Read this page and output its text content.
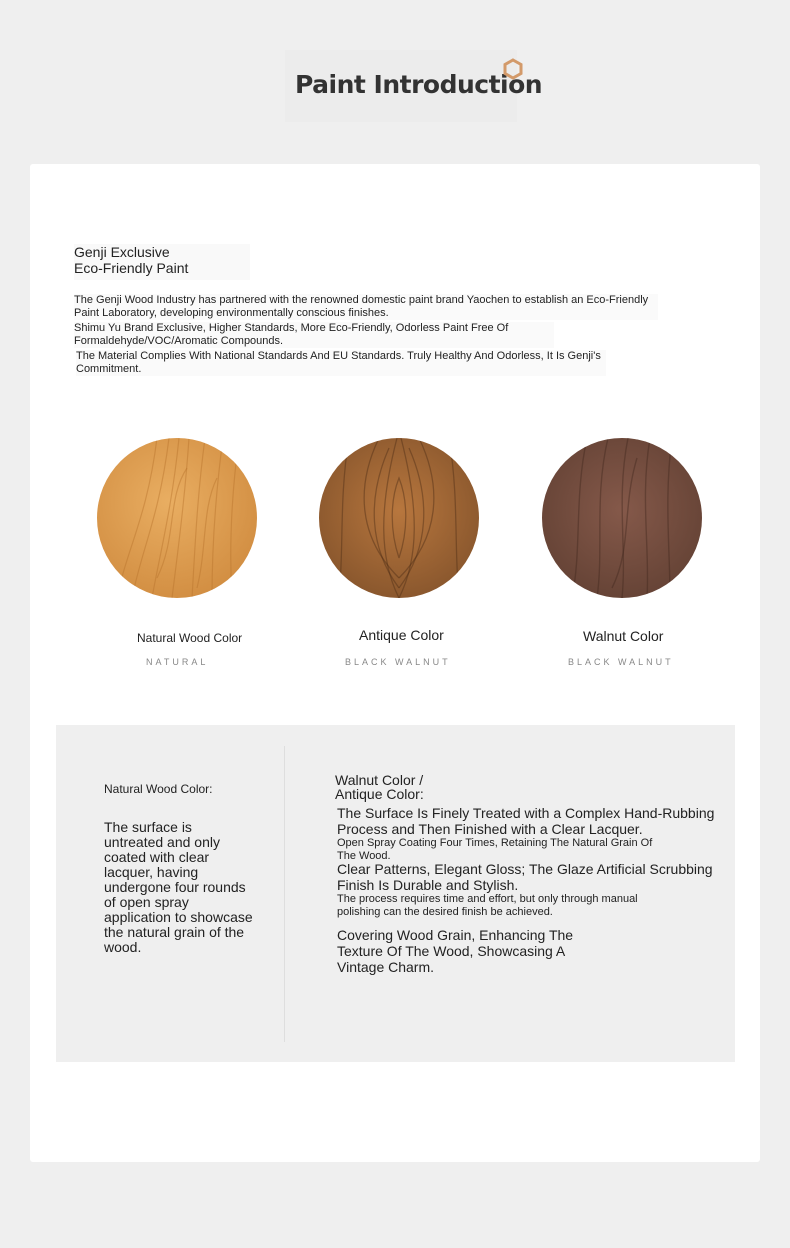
Paint Introduction
Genji Exclusive
Eco-Friendly Paint
The Genji Wood Industry has partnered with the renowned domestic paint brand Yaochen to establish an Eco-Friendly Paint Laboratory, developing environmentally conscious finishes.
Shimu Yu Brand Exclusive, Higher Standards, More Eco-Friendly, Odorless Paint Free Of Formaldehyde/VOC/Aromatic Compounds.
The Material Complies With National Standards And EU Standards. Truly Healthy And Odorless, It Is Genji's Commitment.
Natural Wood Color	Antique Color	Walnut Color
NATURAL	BLACK WALNUT	BLACK WALNUT
Natural Wood Color:
The surface is untreated and only coated with clear lacquer, having undergone four rounds of open spray application to showcase the natural grain of the wood.
Walnut Color /
Antique Color:
The Surface Is Finely Treated with a Complex Hand-Rubbing Process and Then Finished with a Clear Lacquer.
Open Spray Coating Four Times, Retaining The Natural Grain Of The Wood.
Clear Patterns, Elegant Gloss; The Glaze Artificial Scrubbing Finish Is Durable and Stylish.
The process requires time and effort, but only through manual polishing can the desired finish be achieved.
Covering Wood Grain, Enhancing The Texture Of The Wood, Showcasing A Vintage Charm.
